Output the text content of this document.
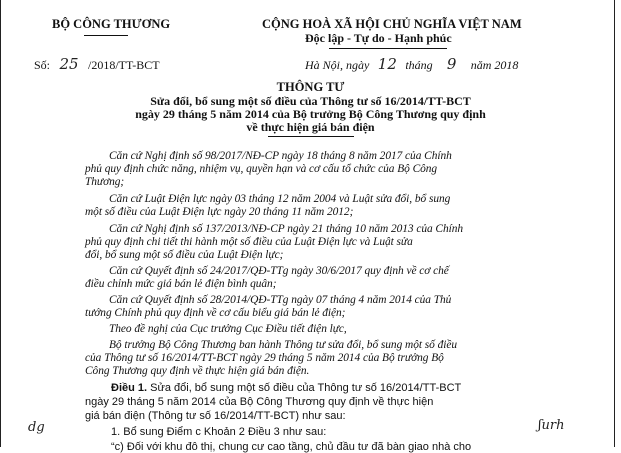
BỘ CÔNG THƯƠNG	CỘNG HOÀ XÃ HỘI CHỦ NGHĨA VIỆT NAM
Độc lập - Tự do - Hạnh phúc
Số: 25 /2018/TT-BCT	Hà Nội, ngày 12 tháng 9 năm 2018
THÔNG TƯ
Sửa đổi, bổ sung một số điều của Thông tư số 16/2014/TT-BCT
ngày 29 tháng 5 năm 2014 của Bộ trưởng Bộ Công Thương quy định
về thực hiện giá bán điện
Căn cứ Nghị định số 98/2017/NĐ-CP ngày 18 tháng 8 năm 2017 của Chính
phủ quy định chức năng, nhiệm vụ, quyền hạn và cơ cấu tổ chức của Bộ Công
Thương;
Căn cứ Luật Điện lực ngày 03 tháng 12 năm 2004 và Luật sửa đổi, bổ sung
một số điều của Luật Điện lực ngày 20 tháng 11 năm 2012;
Căn cứ Nghị định số 137/2013/NĐ-CP ngày 21 tháng 10 năm 2013 của Chính
phủ quy định chi tiết thi hành một số điều của Luật Điện lực và Luật sửa
đổi, bổ sung một số điều của Luật Điện lực;
Căn cứ Quyết định số 24/2017/QĐ-TTg ngày 30/6/2017 quy định về cơ chế
điều chỉnh mức giá bán lẻ điện bình quân;
Căn cứ Quyết định số 28/2014/QĐ-TTg ngày 07 tháng 4 năm 2014 của Thủ
tướng Chính phủ quy định về cơ cấu biểu giá bán lẻ điện;
Theo đề nghị của Cục trưởng Cục Điều tiết điện lực,
Bộ trưởng Bộ Công Thương ban hành Thông tư sửa đổi, bổ sung một số điều
của Thông tư số 16/2014/TT-BCT ngày 29 tháng 5 năm 2014 của Bộ trưởng Bộ
Công Thương quy định về thực hiện giá bán điện.
Điều 1. Sửa đổi, bổ sung một số điều của Thông tư số 16/2014/TT-BCT
ngày 29 tháng 5 năm 2014 của Bộ Công Thương quy định về thực hiện
giá bán điện (Thông tư số 16/2014/TT-BCT) như sau:
1. Bổ sung Điểm c Khoản 2 Điều 3 như sau:
“c) Đối với khu đô thị, chung cư cao tầng, chủ đầu tư đã bàn giao nhà cho
dg	ʃurh
